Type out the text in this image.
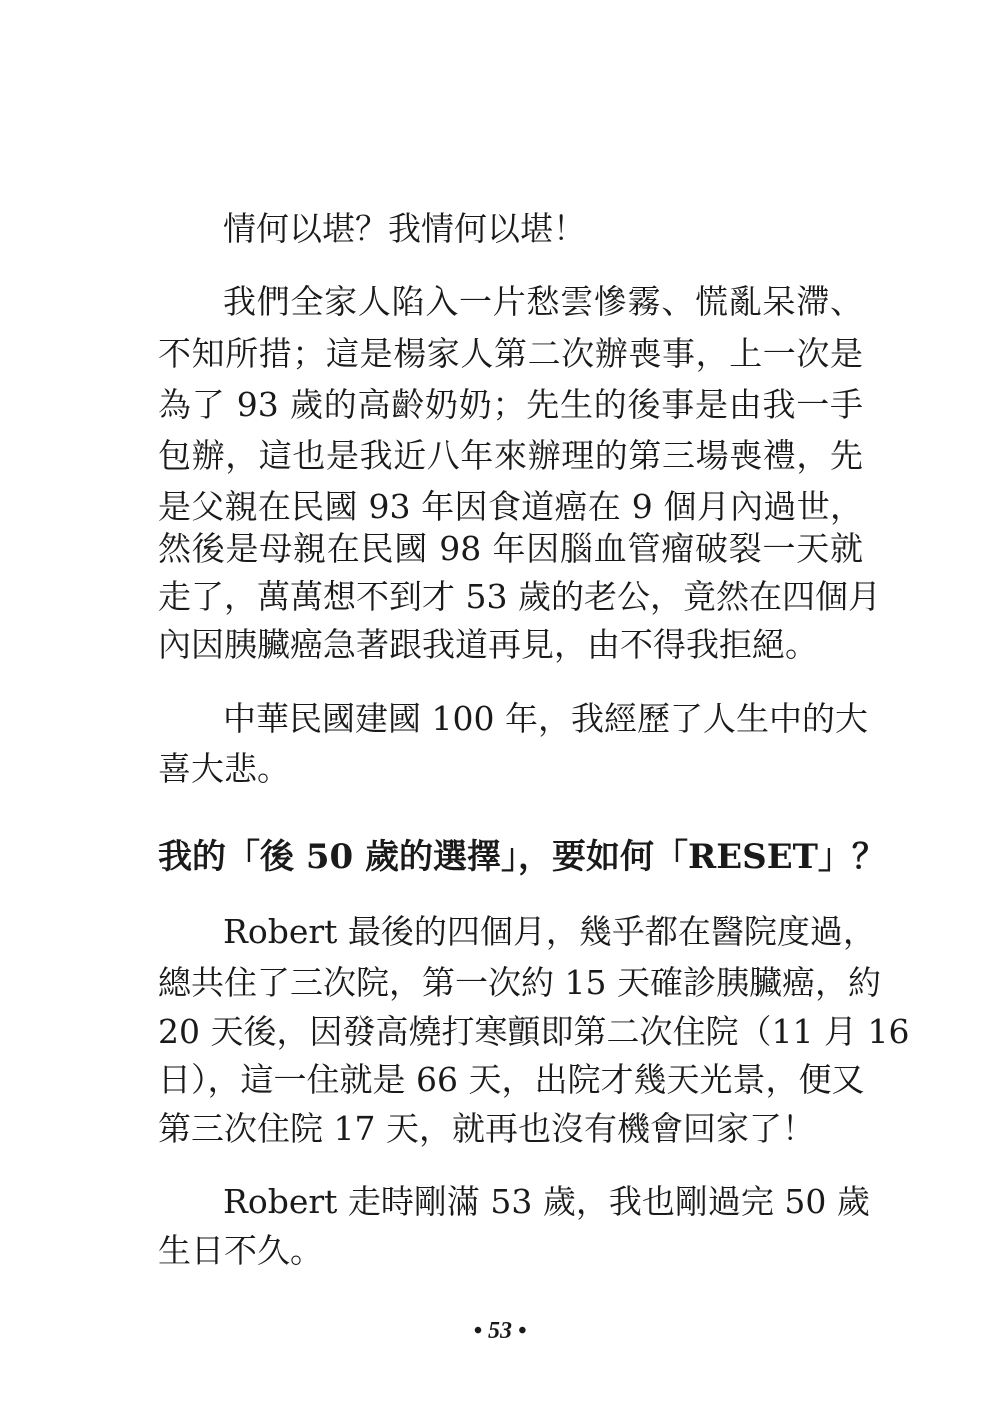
情何以堪？我情何以堪！
我們全家人陷入一片愁雲慘霧、慌亂呆滯、
不知所措；這是楊家人第二次辦喪事，上一次是
為了 93 歲的高齡奶奶；先生的後事是由我一手
包辦，這也是我近八年來辦理的第三場喪禮，先
是父親在民國 93 年因食道癌在 9 個月內過世，
然後是母親在民國 98 年因腦血管瘤破裂一天就
走了，萬萬想不到才 53 歲的老公，竟然在四個月
內因胰臟癌急著跟我道再見，由不得我拒絕。
中華民國建國 100 年，我經歷了人生中的大
喜大悲。
我的「後 50 歲的選擇」，要如何「RESET」？
Robert 最後的四個月，幾乎都在醫院度過，
總共住了三次院，第一次約 15 天確診胰臟癌，約
20 天後，因發高燒打寒顫即第二次住院（11 月 16
日），這一住就是 66 天，出院才幾天光景，便又
第三次住院 17 天，就再也沒有機會回家了！
Robert 走時剛滿 53 歲，我也剛過完 50 歲
生日不久。
• 53 •
